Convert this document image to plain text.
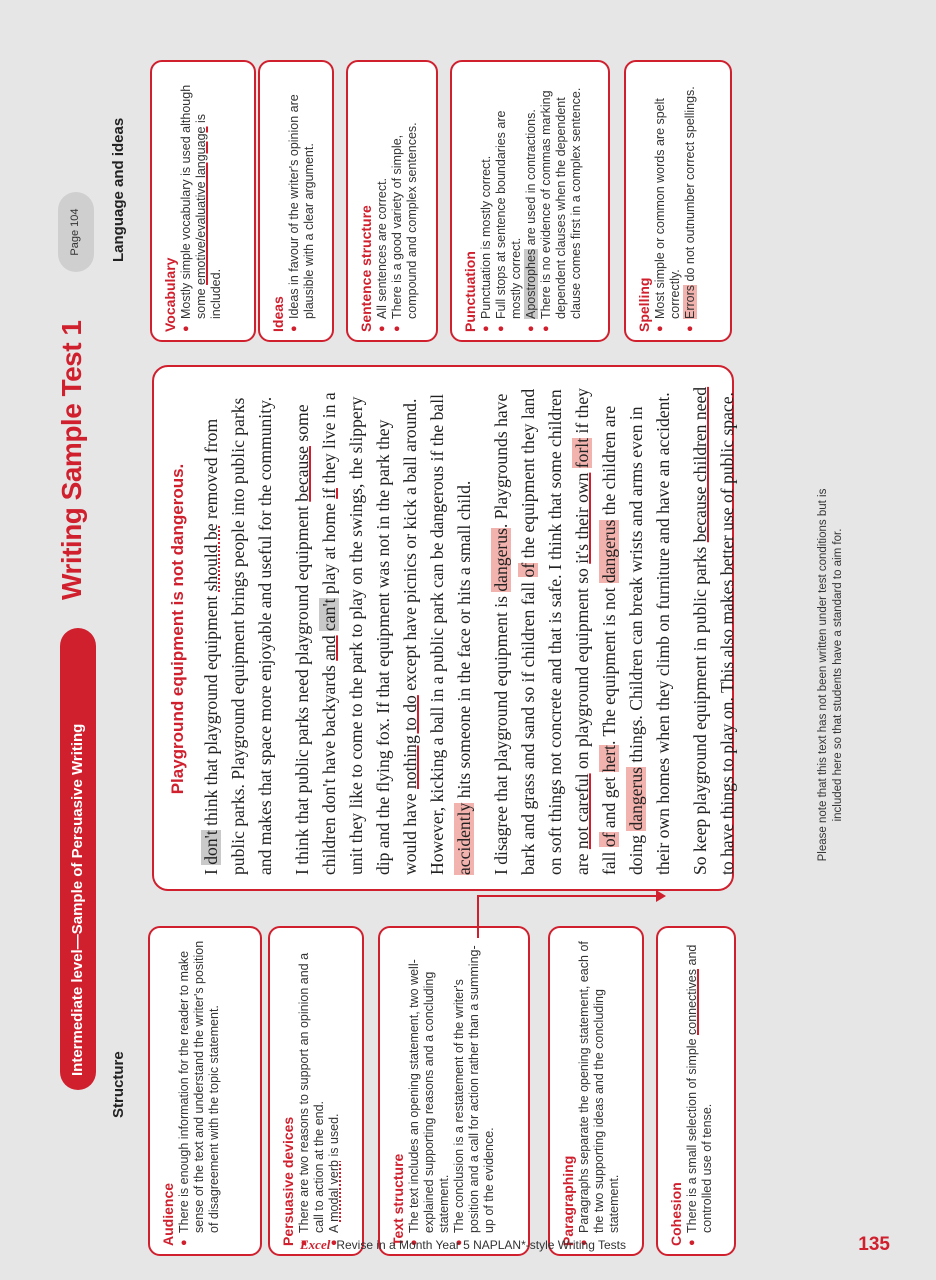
Structure
Audience ● There is enough information for the reader to make sense of the text and understand the writer's position of disagreement with the topic statement.	Persuasive devices ● There are two reasons to support an opinion and a call to action at the end. ● A modal verb is used.

Text structure ● The text includes an opening statement, two well-explained supporting reasons and a concluding statement. ● The conclusion is a restatement of the writer's position and a call for action rather than a summing-up of the evidence.	Paragraphing ● Paragraphs separate the opening statement, each of the two supporting ideas and the concluding statement.	Cohesion ● There is a small selection of simple connectives and controlled use of tense.

Intermediate level—Sample of Persuasive Writing
Writing Sample Test 1
Page 104
Playground equipment is not dangerous.

I don't think that playground equipment should be removed from public parks. Playground equipment brings people into public parks and makes that space more enjoyable and useful for the community. I think that public parks need playground equipment because some children don't have backyards and can't play at home if they live in a unit they like to come to the park to play on the swings, the slippery dip and the flying fox. If that equipment was not in the park they would have nothing to do except have picnics or kick a ball around. However, kicking a ball in a public park can be dangerous if the ball accidently hits someone in the face or hits a small child. I disagree that playground equipment is dangerus. Playgrounds have bark and grass and sand so if children fall of the equipment they land on soft things not concrete and that is safe. I think that some children are not careful on playground equipment so it's their own forlt if they fall of and get hert. The equipment is not dangerus the children are doing dangerus things. Children can break wrists and arms even in their own homes when they climb on furniture and have an accident. So keep playground equipment in public parks because children need to have things to play on. This also makes better use of public space.

Language and ideas
Vocabulary ● Mostly simple vocabulary is used although some emotive/evaluative language is included.	Ideas ● Ideas in favour of the writer's opinion are plausible with a clear argument.	Sentence structure ● All sentences are correct. ● There is a good variety of simple, compound and complex sentences.	Punctuation ● Punctuation is mostly correct. ● Full stops at sentence boundaries are mostly correct. ● Apostrophes are used in contractions. ● There is no evidence of commas marking dependent clauses when the dependent clause comes first in a complex sentence.	Spelling ● Most simple or common words are spelt correctly. ● Errors do not outnumber correct spellings.

Please note that this text has not been written under test conditions but is included here so that students have a standard to aim for.
Excel Revise in a Month Year 5 NAPLAN*-style Writing Tests	135
